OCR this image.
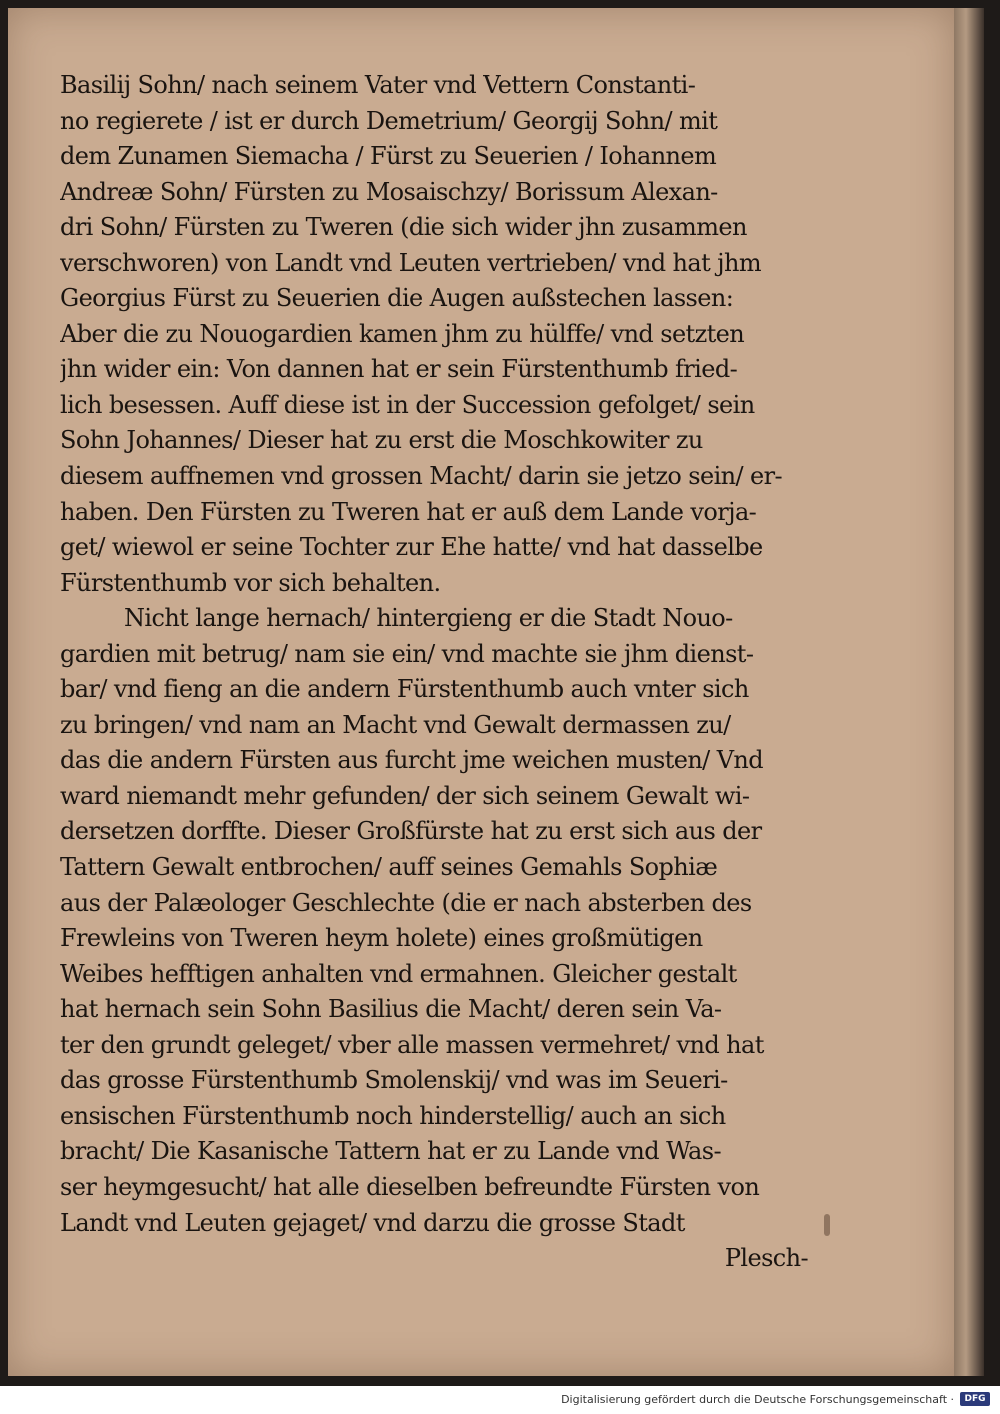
Basilij Sohn/ nach seinem Vater vnd Vettern Constanti-
no regierete / ist er durch Demetrium/ Georgij Sohn/ mit
dem Zunamen Siemacha / Fürst zu Seuerien / Iohannem
Andreæ Sohn/ Fürsten zu Mosaischzy/ Borissum Alexan-
dri Sohn/ Fürsten zu Tweren (die sich wider jhn zusammen
verschworen) von Landt vnd Leuten vertrieben/ vnd hat jhm
Georgius Fürst zu Seuerien die Augen außstechen lassen:
Aber die zu Nouogardien kamen jhm zu hülffe/ vnd setzten
jhn wider ein: Von dannen hat er sein Fürstenthumb fried-
lich besessen. Auff diese ist in der Succession gefolget/ sein
Sohn Johannes/ Dieser hat zu erst die Moschkowiter zu
diesem auffnemen vnd grossen Macht/ darin sie jetzo sein/ er-
haben. Den Fürsten zu Tweren hat er auß dem Lande vorja-
get/ wiewol er seine Tochter zur Ehe hatte/ vnd hat dasselbe
Fürstenthumb vor sich behalten.
Nicht lange hernach/ hintergieng er die Stadt Nouo-
gardien mit betrug/ nam sie ein/ vnd machte sie jhm dienst-
bar/ vnd fieng an die andern Fürstenthumb auch vnter sich
zu bringen/ vnd nam an Macht vnd Gewalt dermassen zu/
das die andern Fürsten aus furcht jme weichen musten/ Vnd
ward niemandt mehr gefunden/ der sich seinem Gewalt wi-
dersetzen dorffte. Dieser Großfürste hat zu erst sich aus der
Tattern Gewalt entbrochen/ auff seines Gemahls Sophiæ
aus der Palæologer Geschlechte (die er nach absterben des
Frewleins von Tweren heym holete) eines großmütigen
Weibes hefftigen anhalten vnd ermahnen. Gleicher gestalt
hat hernach sein Sohn Basilius die Macht/ deren sein Va-
ter den grundt geleget/ vber alle massen vermehret/ vnd hat
das grosse Fürstenthumb Smolenskij/ vnd was im Seueri-
ensischen Fürstenthumb noch hinderstellig/ auch an sich
bracht/ Die Kasanische Tattern hat er zu Lande vnd Was-
ser heymgesucht/ hat alle dieselben befreundte Fürsten von
Landt vnd Leuten gejaget/ vnd darzu die grosse Stadt
Plesch-
Digitalisierung gefördert durch die Deutsche Forschungsgemeinschaft ·	DFG
